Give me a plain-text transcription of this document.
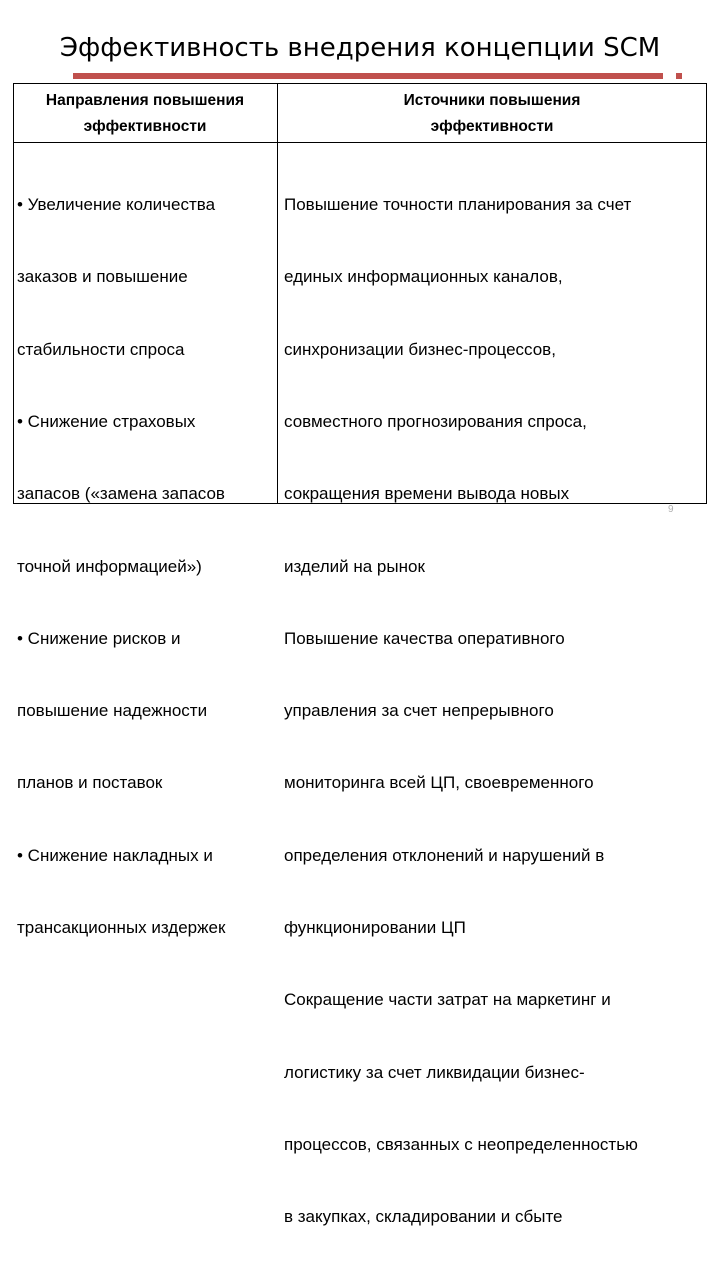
Эффективность внедрения концепции SCM
Направления повышения
эффективности
Источники повышения
эффективности

• Увеличение количества

заказов и повышение

стабильности спроса

• Снижение страховых

запасов («замена запасов

точной информацией»)

• Снижение рисков и

повышение надежности

планов и поставок

• Снижение накладных и

трансакционных издержек

Повышение точности планирования за счет

единых информационных каналов,

синхронизации бизнес-процессов,

совместного прогнозирования спроса,

сокращения времени вывода новых

изделий на рынок

Повышение качества оперативного

управления за счет непрерывного

мониторинга всей ЦП, своевременного

определения отклонений и нарушений в

функционировании ЦП

Сокращение части затрат на маркетинг и

логистику за счет ликвидации бизнес-

процессов, связанных с неопределенностью

в закупках, складировании и сбыте

9
